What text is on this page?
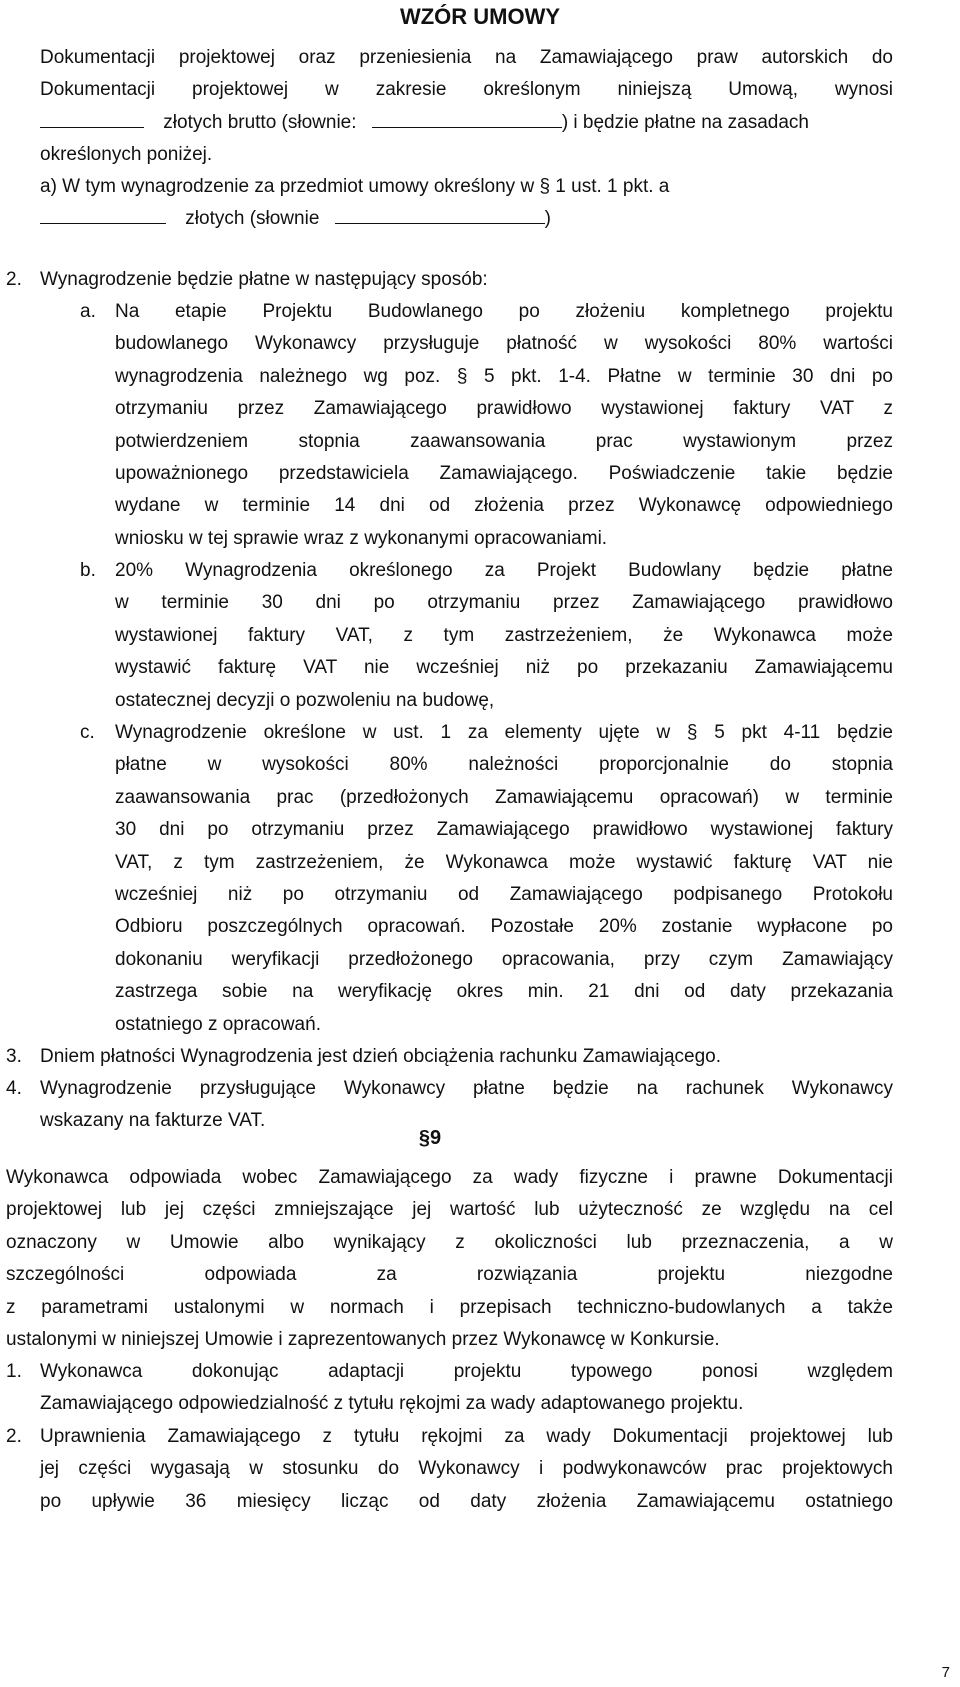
WZÓR UMOWY
Dokumentacji projektowej oraz przeniesienia na Zamawiającego praw autorskich do
Dokumentacji projektowej w zakresie określonym niniejszą Umową, wynosi
złotych brutto (słownie:	) i będzie płatne na zasadach
określonych poniżej.
a) W tym wynagrodzenie za przedmiot umowy określony w § 1 ust. 1 pkt. a
złotych (słownie	)
2. Wynagrodzenie będzie płatne w następujący sposób:
a. Na etapie Projektu Budowlanego po złożeniu kompletnego projektu
budowlanego Wykonawcy przysługuje płatność w wysokości 80% wartości
wynagrodzenia należnego wg poz. § 5 pkt. 1-4. Płatne w terminie 30 dni po
otrzymaniu przez Zamawiającego prawidłowo wystawionej faktury VAT z
potwierdzeniem stopnia zaawansowania prac wystawionym przez
upoważnionego przedstawiciela Zamawiającego. Poświadczenie takie będzie
wydane w terminie 14 dni od złożenia przez Wykonawcę odpowiedniego
wniosku w tej sprawie wraz z wykonanymi opracowaniami.
b. 20% Wynagrodzenia określonego za Projekt Budowlany będzie płatne
w terminie 30 dni po otrzymaniu przez Zamawiającego prawidłowo
wystawionej faktury VAT, z tym zastrzeżeniem, że Wykonawca może
wystawić fakturę VAT nie wcześniej niż po przekazaniu Zamawiającemu
ostatecznej decyzji o pozwoleniu na budowę,
c. Wynagrodzenie określone w ust. 1 za elementy ujęte w § 5 pkt 4-11 będzie
płatne w wysokości 80% należności proporcjonalnie do stopnia
zaawansowania prac (przedłożonych Zamawiającemu opracowań) w terminie
30 dni po otrzymaniu przez Zamawiającego prawidłowo wystawionej faktury
VAT, z tym zastrzeżeniem, że Wykonawca może wystawić fakturę VAT nie
wcześniej niż po otrzymaniu od Zamawiającego podpisanego Protokołu
Odbioru poszczególnych opracowań. Pozostałe 20% zostanie wypłacone po
dokonaniu weryfikacji przedłożonego opracowania, przy czym Zamawiający
zastrzega sobie na weryfikację okres min. 21 dni od daty przekazania
ostatniego z opracowań.
3. Dniem płatności Wynagrodzenia jest dzień obciążenia rachunku Zamawiającego.
4. Wynagrodzenie przysługujące Wykonawcy płatne będzie na rachunek Wykonawcy
wskazany na fakturze VAT.
§9
Wykonawca odpowiada wobec Zamawiającego za wady fizyczne i prawne Dokumentacji
projektowej lub jej części zmniejszające jej wartość lub użyteczność ze względu na cel
oznaczony w Umowie albo wynikający z okoliczności lub przeznaczenia, a w
szczególności odpowiada za rozwiązania projektu niezgodne
z parametrami ustalonymi w normach i przepisach techniczno-budowlanych a także
ustalonymi w niniejszej Umowie i zaprezentowanych przez Wykonawcę w Konkursie.
1. Wykonawca dokonując adaptacji projektu typowego ponosi względem
Zamawiającego odpowiedzialność z tytułu rękojmi za wady adaptowanego projektu.
2. Uprawnienia Zamawiającego z tytułu rękojmi za wady Dokumentacji projektowej lub
jej części wygasają w stosunku do Wykonawcy i podwykonawców prac projektowych
po upływie 36 miesięcy licząc od daty złożenia Zamawiającemu ostatniego
7
